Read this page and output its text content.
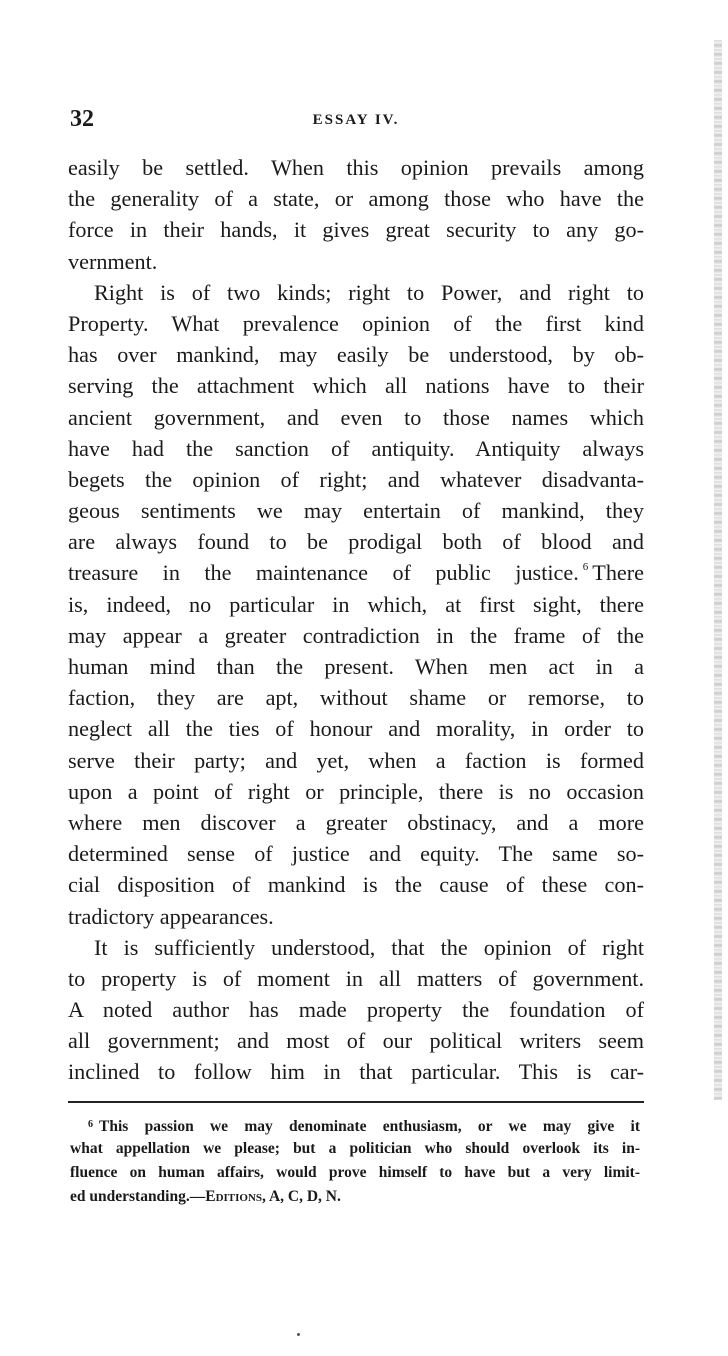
32	ESSAY IV.
easily be settled. When this opinion prevails among
the generality of a state, or among those who have the
force in their hands, it gives great security to any go-
vernment.
Right is of two kinds; right to Power, and right to
Property. What prevalence opinion of the first kind
has over mankind, may easily be understood, by ob-
serving the attachment which all nations have to their
ancient government, and even to those names which
have had the sanction of antiquity. Antiquity always
begets the opinion of right; and whatever disadvanta-
geous sentiments we may entertain of mankind, they
are always found to be prodigal both of blood and
treasure in the maintenance of public justice. $^6$ There
is, indeed, no particular in which, at first sight, there
may appear a greater contradiction in the frame of the
human mind than the present. When men act in a
faction, they are apt, without shame or remorse, to
neglect all the ties of honour and morality, in order to
serve their party; and yet, when a faction is formed
upon a point of right or principle, there is no occasion
where men discover a greater obstinacy, and a more
determined sense of justice and equity. The same so-
cial disposition of mankind is the cause of these con-
tradictory appearances.
It is sufficiently understood, that the opinion of right
to property is of moment in all matters of government.
A noted author has made property the foundation of
all government; and most of our political writers seem
inclined to follow him in that particular. This is car-
$^6$ This passion we may denominate enthusiasm, or we may give it
what appellation we please; but a politician who should overlook its in-
fluence on human affairs, would prove himself to have but a very limit-
ed understanding.—Editions, A, C, D, N.
